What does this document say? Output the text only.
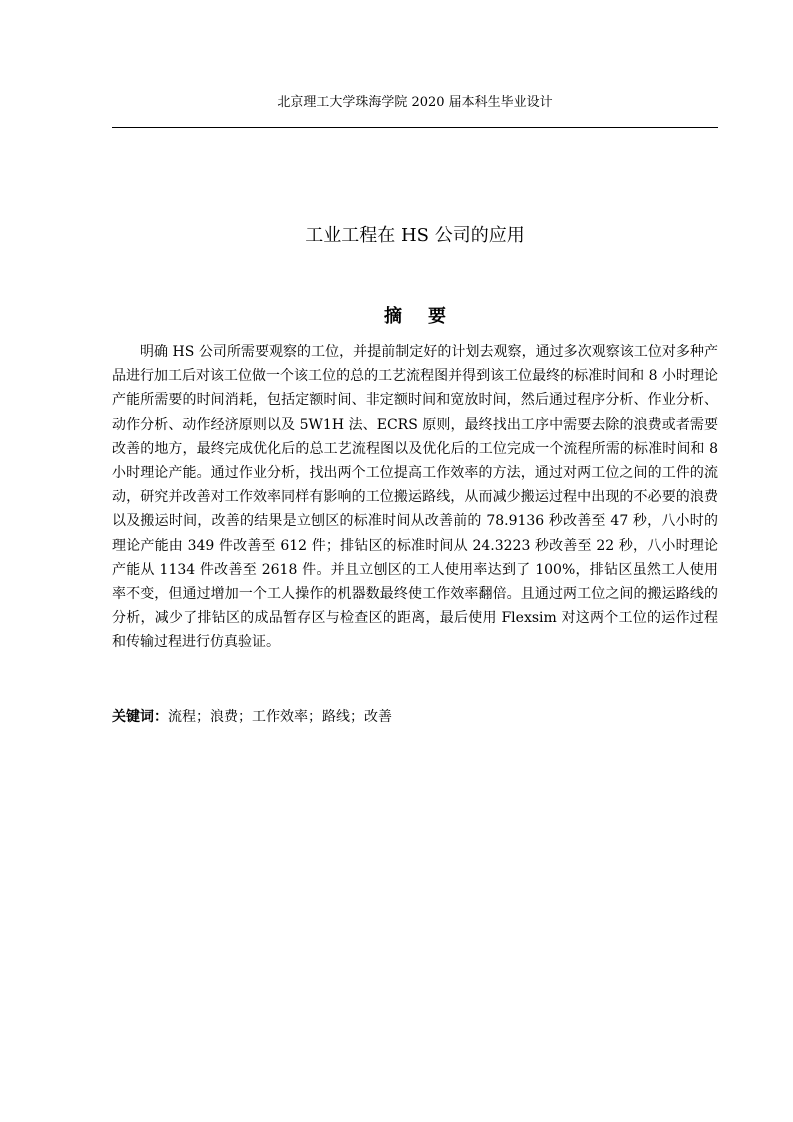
北京理工大学珠海学院 2020 届本科生毕业设计
工业工程在 HS 公司的应用
摘要

明确 HS 公司所需要观察的工位，并提前制定好的计划去观察，通过多次观察该工位对多种产品进行加工后对该工位做一个该工位的总的工艺流程图并得到该工位最终的标准时间和 8 小时理论产能所需要的时间消耗，包括定额时间、非定额时间和宽放时间，然后通过程序分析、作业分析、动作分析、动作经济原则以及 5W1H 法、ECRS 原则，最终找出工序中需要去除的浪费或者需要改善的地方，最终完成优化后的总工艺流程图以及优化后的工位完成一个流程所需的标准时间和 8 小时理论产能。通过作业分析，找出两个工位提高工作效率的方法，通过对两工位之间的工件的流动，研究并改善对工作效率同样有影响的工位搬运路线，从而减少搬运过程中出现的不必要的浪费以及搬运时间，改善的结果是立刨区的标准时间从改善前的 78.9136 秒改善至 47 秒，八小时的理论产能由 349 件改善至 612 件；排钻区的标准时间从 24.3223 秒改善至 22 秒，八小时理论产能从 1134 件改善至 2618 件。并且立刨区的工人使用率达到了 100%，排钻区虽然工人使用率不变，但通过增加一个工人操作的机器数最终使工作效率翻倍。且通过两工位之间的搬运路线的分析，减少了排钻区的成品暂存区与检查区的距离，最后使用 Flexsim 对这两个工位的运作过程和传输过程进行仿真验证。

关键词：流程；浪费；工作效率；路线；改善
